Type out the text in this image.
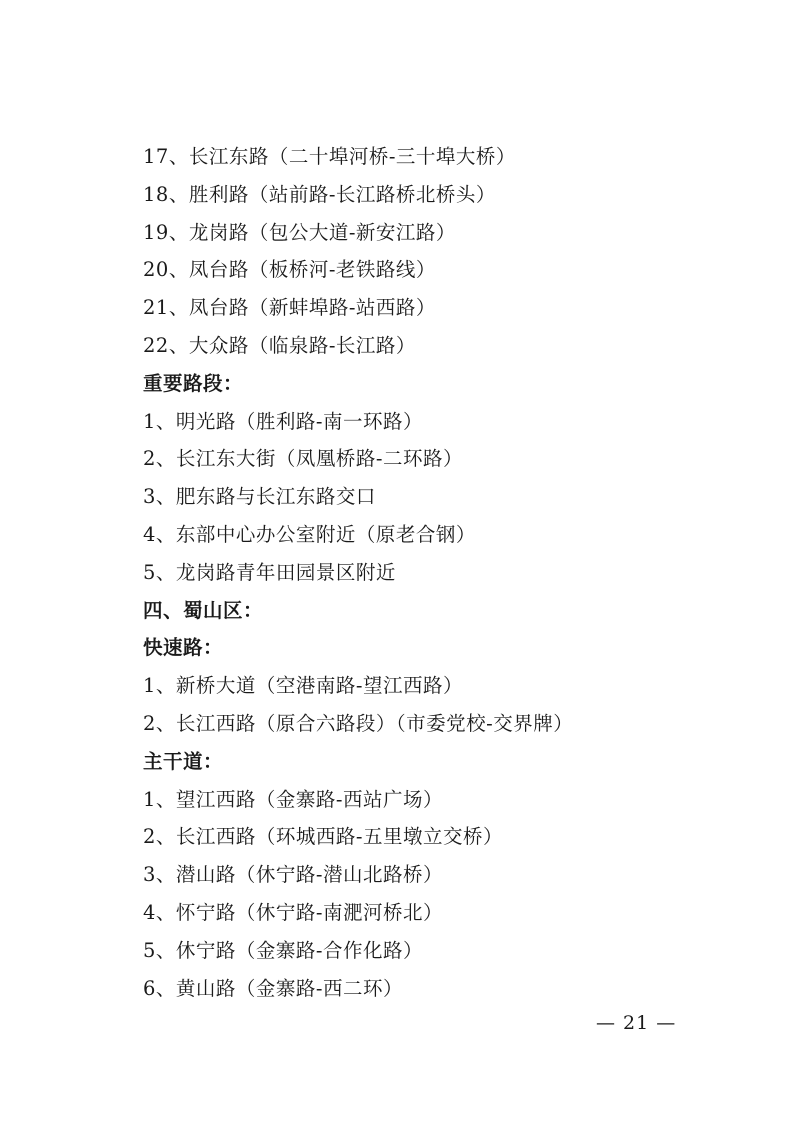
17、长江东路（二十埠河桥-三十埠大桥）
18、胜利路（站前路-长江路桥北桥头）
19、龙岗路（包公大道-新安江路）
20、凤台路（板桥河-老铁路线）
21、凤台路（新蚌埠路-站西路）
22、大众路（临泉路-长江路）
重要路段：
1、明光路（胜利路-南一环路）
2、长江东大街（凤凰桥路-二环路）
3、肥东路与长江东路交口
4、东部中心办公室附近（原老合钢）
5、龙岗路青年田园景区附近
四、蜀山区：
快速路：
1、新桥大道（空港南路-望江西路）
2、长江西路（原合六路段）（市委党校-交界牌）
主干道：
1、望江西路（金寨路-西站广场）
2、长江西路（环城西路-五里墩立交桥）
3、潜山路（休宁路-潜山北路桥）
4、怀宁路（休宁路-南淝河桥北）
5、休宁路（金寨路-合作化路）
6、黄山路（金寨路-西二环）
— 21 —
